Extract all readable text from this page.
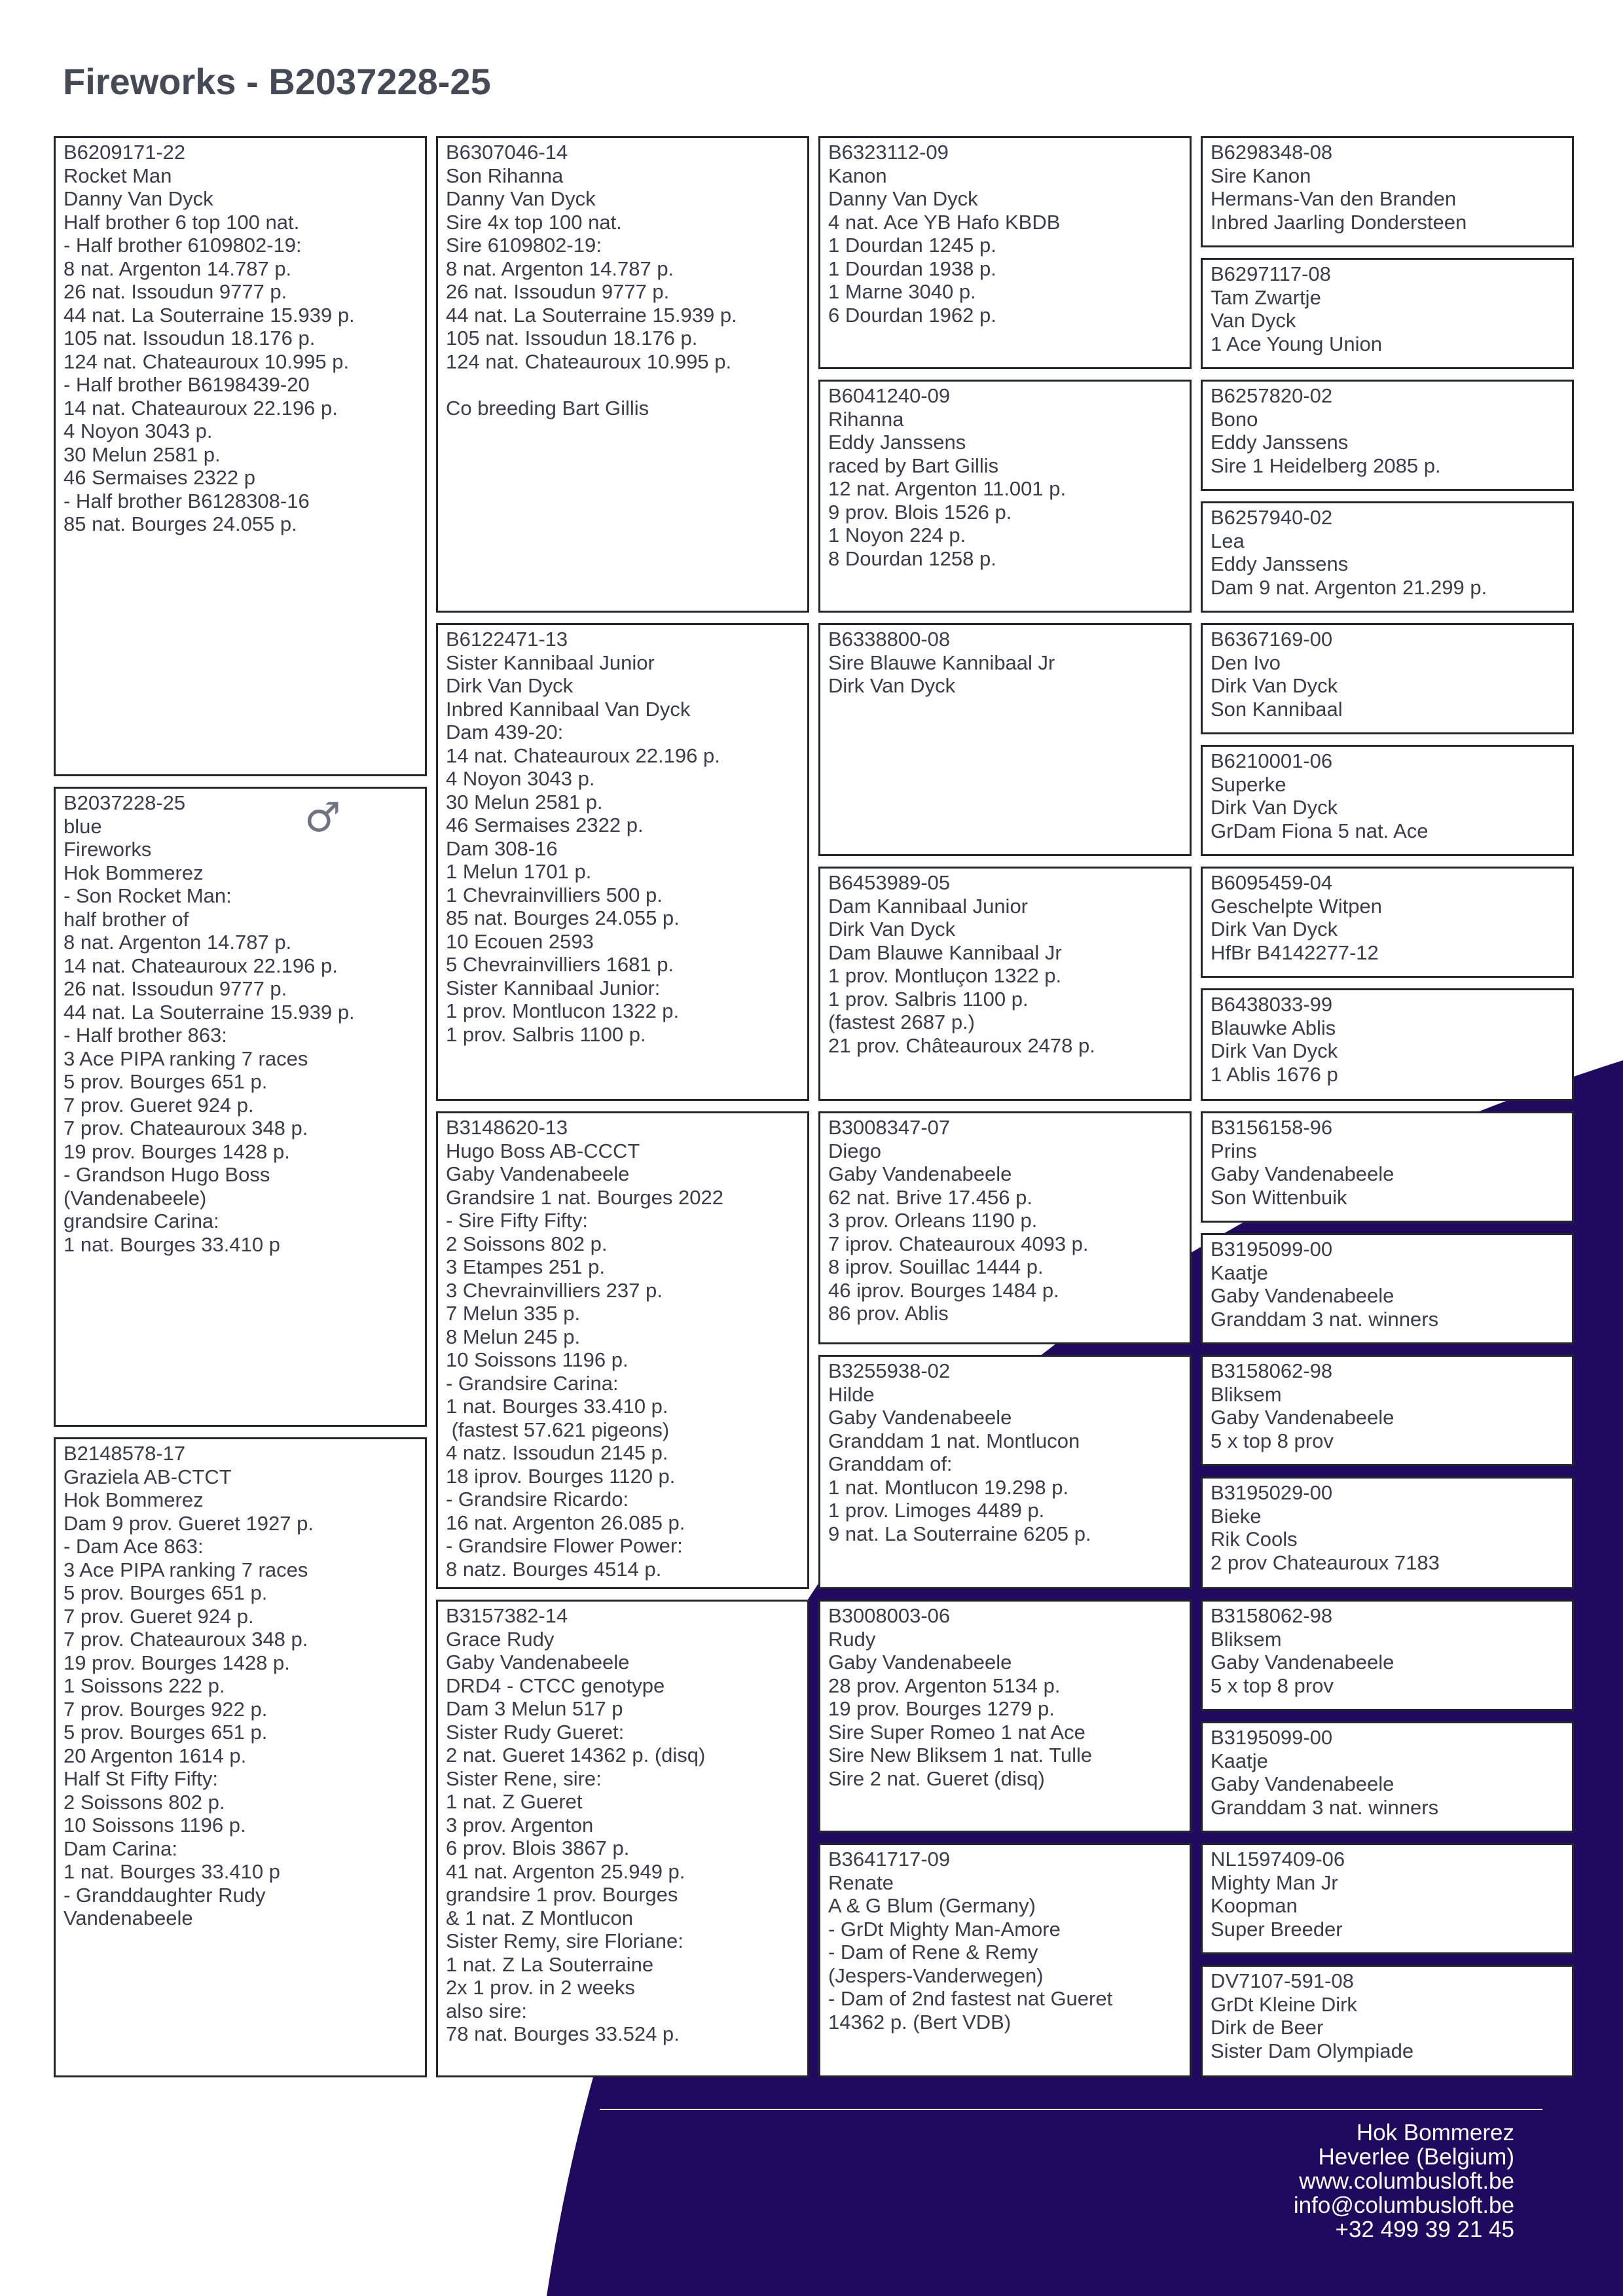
Fireworks - B2037228-25
B6209171-22
Rocket Man
Danny Van Dyck
Half brother 6 top 100 nat.
- Half brother 6109802-19:
8 nat. Argenton 14.787 p.
26 nat. Issoudun 9777 p.
44 nat. La Souterraine 15.939 p.
105 nat. Issoudun 18.176 p.
124 nat. Chateauroux 10.995 p.
- Half brother B6198439-20
14 nat. Chateauroux 22.196 p.
4 Noyon 3043 p.
30 Melun 2581 p.
46 Sermaises 2322 p
- Half brother B6128308-16
85 nat. Bourges 24.055 p.
B2037228-25
blue
Fireworks
Hok Bommerez
- Son Rocket Man:
half brother of
8 nat. Argenton 14.787 p.
14 nat. Chateauroux 22.196 p.
26 nat. Issoudun 9777 p.
44 nat. La Souterraine 15.939 p.
- Half brother 863:
3 Ace PIPA ranking 7 races
5 prov. Bourges 651 p.
7 prov. Gueret 924 p.
7 prov. Chateauroux 348 p.
19 prov. Bourges 1428 p.
- Grandson Hugo Boss
(Vandenabeele)
grandsire Carina:
1 nat. Bourges 33.410 p
B2148578-17
Graziela AB-CTCT
Hok Bommerez
Dam 9 prov. Gueret 1927 p.
- Dam Ace 863:
3 Ace PIPA ranking 7 races
5 prov. Bourges 651 p.
7 prov. Gueret 924 p.
7 prov. Chateauroux 348 p.
19 prov. Bourges 1428 p.
1 Soissons 222 p.
7 prov. Bourges 922 p.
5 prov. Bourges 651 p.
20 Argenton 1614 p.
Half St Fifty Fifty:
2 Soissons 802 p.
10 Soissons 1196 p.
Dam Carina:
1 nat. Bourges 33.410 p
- Granddaughter Rudy
Vandenabeele
B6307046-14
Son Rihanna
Danny Van Dyck
Sire 4x top 100 nat.
Sire 6109802-19:
8 nat. Argenton 14.787 p.
26 nat. Issoudun 9777 p.
44 nat. La Souterraine 15.939 p.
105 nat. Issoudun 18.176 p.
124 nat. Chateauroux 10.995 p.
Co breeding Bart Gillis
B6122471-13
Sister Kannibaal Junior
Dirk Van Dyck
Inbred Kannibaal Van Dyck
Dam 439-20:
14 nat. Chateauroux 22.196 p.
4 Noyon 3043 p.
30 Melun 2581 p.
46 Sermaises 2322 p.
Dam 308-16
1 Melun 1701 p.
1 Chevrainvilliers 500 p.
85 nat. Bourges 24.055 p.
10 Ecouen 2593
5 Chevrainvilliers 1681 p.
Sister Kannibaal Junior:
1 prov. Montlucon 1322 p.
1 prov. Salbris 1100 p.
B3148620-13
Hugo Boss AB-CCCT
Gaby Vandenabeele
Grandsire 1 nat. Bourges 2022
- Sire Fifty Fifty:
2 Soissons 802 p.
3 Etampes 251 p.
3 Chevrainvilliers 237 p.
7 Melun 335 p.
8 Melun 245 p.
10 Soissons 1196 p.
- Grandsire Carina:
1 nat. Bourges 33.410 p.
(fastest 57.621 pigeons)
4 natz. Issoudun 2145 p.
18 iprov. Bourges 1120 p.
- Grandsire Ricardo:
16 nat. Argenton 26.085 p.
- Grandsire Flower Power:
8 natz. Bourges 4514 p.
B3157382-14
Grace Rudy
Gaby Vandenabeele
DRD4 - CTCC genotype
Dam 3 Melun 517 p
Sister Rudy Gueret:
2 nat. Gueret 14362 p. (disq)
Sister Rene, sire:
1 nat. Z Gueret
3 prov. Argenton
6 prov. Blois 3867 p.
41 nat. Argenton 25.949 p.
grandsire 1 prov. Bourges
& 1 nat. Z Montlucon
Sister Remy, sire Floriane:
1 nat. Z La Souterraine
2x 1 prov. in 2 weeks
also sire:
78 nat. Bourges 33.524 p.
B6323112-09
Kanon
Danny Van Dyck
4 nat. Ace YB Hafo KBDB
1 Dourdan 1245 p.
1 Dourdan 1938 p.
1 Marne 3040 p.
6 Dourdan 1962 p.
B6041240-09
Rihanna
Eddy Janssens
raced by Bart Gillis
12 nat. Argenton 11.001 p.
9 prov. Blois 1526 p.
1 Noyon 224 p.
8 Dourdan 1258 p.
B6338800-08
Sire Blauwe Kannibaal Jr
Dirk Van Dyck
B6453989-05
Dam Kannibaal Junior
Dirk Van Dyck
Dam Blauwe Kannibaal Jr
1 prov. Montluçon 1322 p.
1 prov. Salbris 1100 p.
(fastest 2687 p.)
21 prov. Châteauroux 2478 p.
B3008347-07
Diego
Gaby Vandenabeele
62 nat. Brive 17.456 p.
3 prov. Orleans 1190 p.
7 iprov. Chateauroux 4093 p.
8 iprov. Souillac 1444 p.
46 iprov. Bourges 1484 p.
86 prov. Ablis
B3255938-02
Hilde
Gaby Vandenabeele
Granddam 1 nat. Montlucon
Granddam of:
1 nat. Montlucon 19.298 p.
1 prov. Limoges 4489 p.
9 nat. La Souterraine 6205 p.
B3008003-06
Rudy
Gaby Vandenabeele
28 prov. Argenton 5134 p.
19 prov. Bourges 1279 p.
Sire Super Romeo 1 nat Ace
Sire New Bliksem 1 nat. Tulle
Sire 2 nat. Gueret (disq)
B3641717-09
Renate
A & G Blum (Germany)
- GrDt Mighty Man-Amore
- Dam of Rene & Remy
(Jespers-Vanderwegen)
- Dam of 2nd fastest nat Gueret
14362 p. (Bert VDB)
B6298348-08
Sire Kanon
Hermans-Van den Branden
Inbred Jaarling Dondersteen
B6297117-08
Tam Zwartje
Van Dyck
1 Ace Young Union
B6257820-02
Bono
Eddy Janssens
Sire 1 Heidelberg 2085 p.
B6257940-02
Lea
Eddy Janssens
Dam 9 nat. Argenton 21.299 p.
B6367169-00
Den Ivo
Dirk Van Dyck
Son Kannibaal
B6210001-06
Superke
Dirk Van Dyck
GrDam Fiona 5 nat. Ace
B6095459-04
Geschelpte Witpen
Dirk Van Dyck
HfBr B4142277-12
B6438033-99
Blauwke Ablis
Dirk Van Dyck
1 Ablis 1676 p
B3156158-96
Prins
Gaby Vandenabeele
Son Wittenbuik
B3195099-00
Kaatje
Gaby Vandenabeele
Granddam 3 nat. winners
B3158062-98
Bliksem
Gaby Vandenabeele
5 x top 8 prov
B3195029-00
Bieke
Rik Cools
2 prov Chateauroux 7183
B3158062-98
Bliksem
Gaby Vandenabeele
5 x top 8 prov
B3195099-00
Kaatje
Gaby Vandenabeele
Granddam 3 nat. winners
NL1597409-06
Mighty Man Jr
Koopman
Super Breeder
DV7107-591-08
GrDt Kleine Dirk
Dirk de Beer
Sister Dam Olympiade
♂
Hok Bommerez
Heverlee (Belgium)
www.columbusloft.be
info@columbusloft.be
+32 499 39 21 45
